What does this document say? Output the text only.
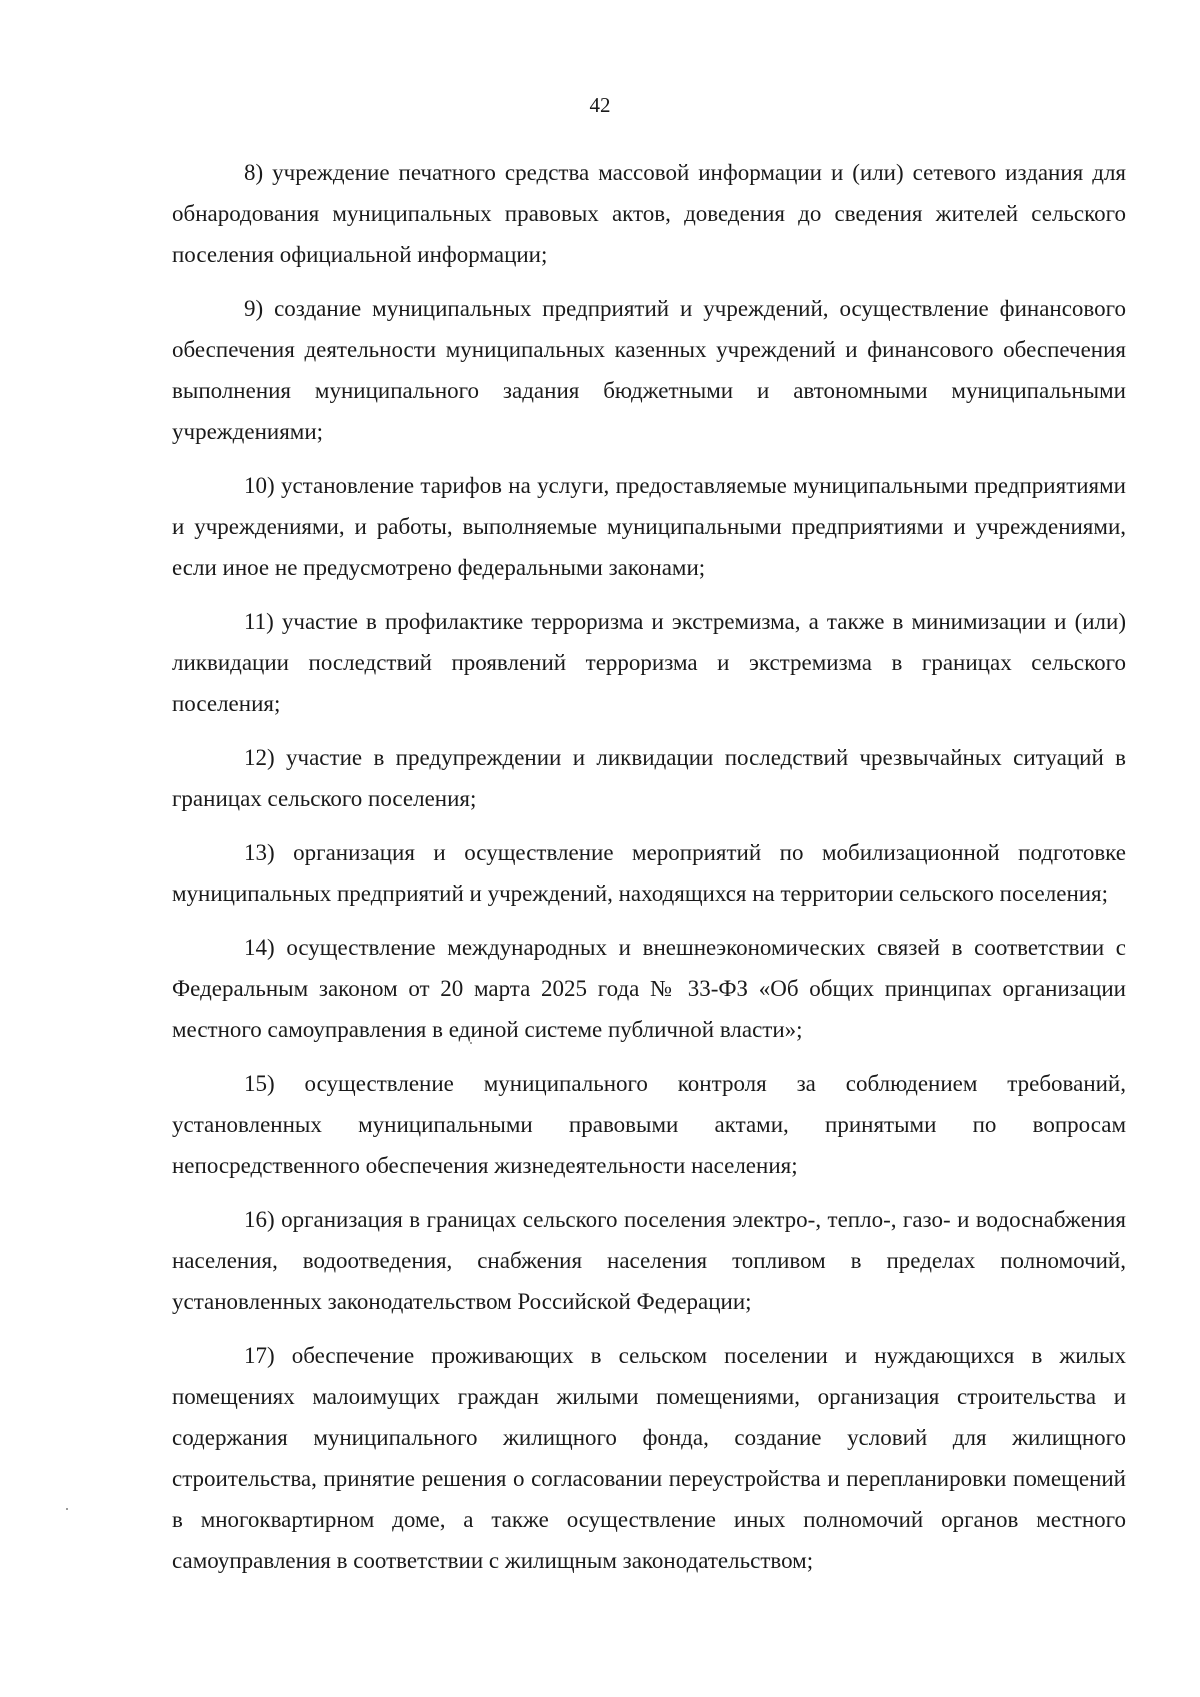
42

8) учреждение печатного средства массовой информации и (или) сетевого издания для обнародования муниципальных правовых актов, доведения до сведения жителей сельского поселения официальной информации;

9) создание муниципальных предприятий и учреждений, осуществление финансового обеспечения деятельности муниципальных казенных учреждений и финансового обеспечения выполнения муниципального задания бюджетными и автономными муниципальными учреждениями;

10) установление тарифов на услуги, предоставляемые муниципальными предприятиями и учреждениями, и работы, выполняемые муниципальными предприятиями и учреждениями, если иное не предусмотрено федеральными законами;

11) участие в профилактике терроризма и экстремизма, а также в минимизации и (или) ликвидации последствий проявлений терроризма и экстремизма в границах сельского поселения;

12) участие в предупреждении и ликвидации последствий чрезвычайных ситуаций в границах сельского поселения;

13) организация и осуществление мероприятий по мобилизационной подготовке муниципальных предприятий и учреждений, находящихся на территории сельского поселения;

14) осуществление международных и внешнеэкономических связей в соответствии с Федеральным законом от 20 марта 2025 года № 33-ФЗ «Об общих принципах организации местного самоуправления в единой системе публичной власти»;

15) осуществление муниципального контроля за соблюдением требований, установленных муниципальными правовыми актами, принятыми по вопросам непосредственного обеспечения жизнедеятельности населения;

16) организация в границах сельского поселения электро-, тепло-, газо- и водоснабжения населения, водоотведения, снабжения населения топливом в пределах полномочий, установленных законодательством Российской Федерации;

17) обеспечение проживающих в сельском поселении и нуждающихся в жилых помещениях малоимущих граждан жилыми помещениями, организация строительства и содержания муниципального жилищного фонда, создание условий для жилищного строительства, принятие решения о согласовании переустройства и перепланировки помещений в многоквартирном доме, а также осуществление иных полномочий органов местного самоуправления в соответствии с жилищным законодательством;
